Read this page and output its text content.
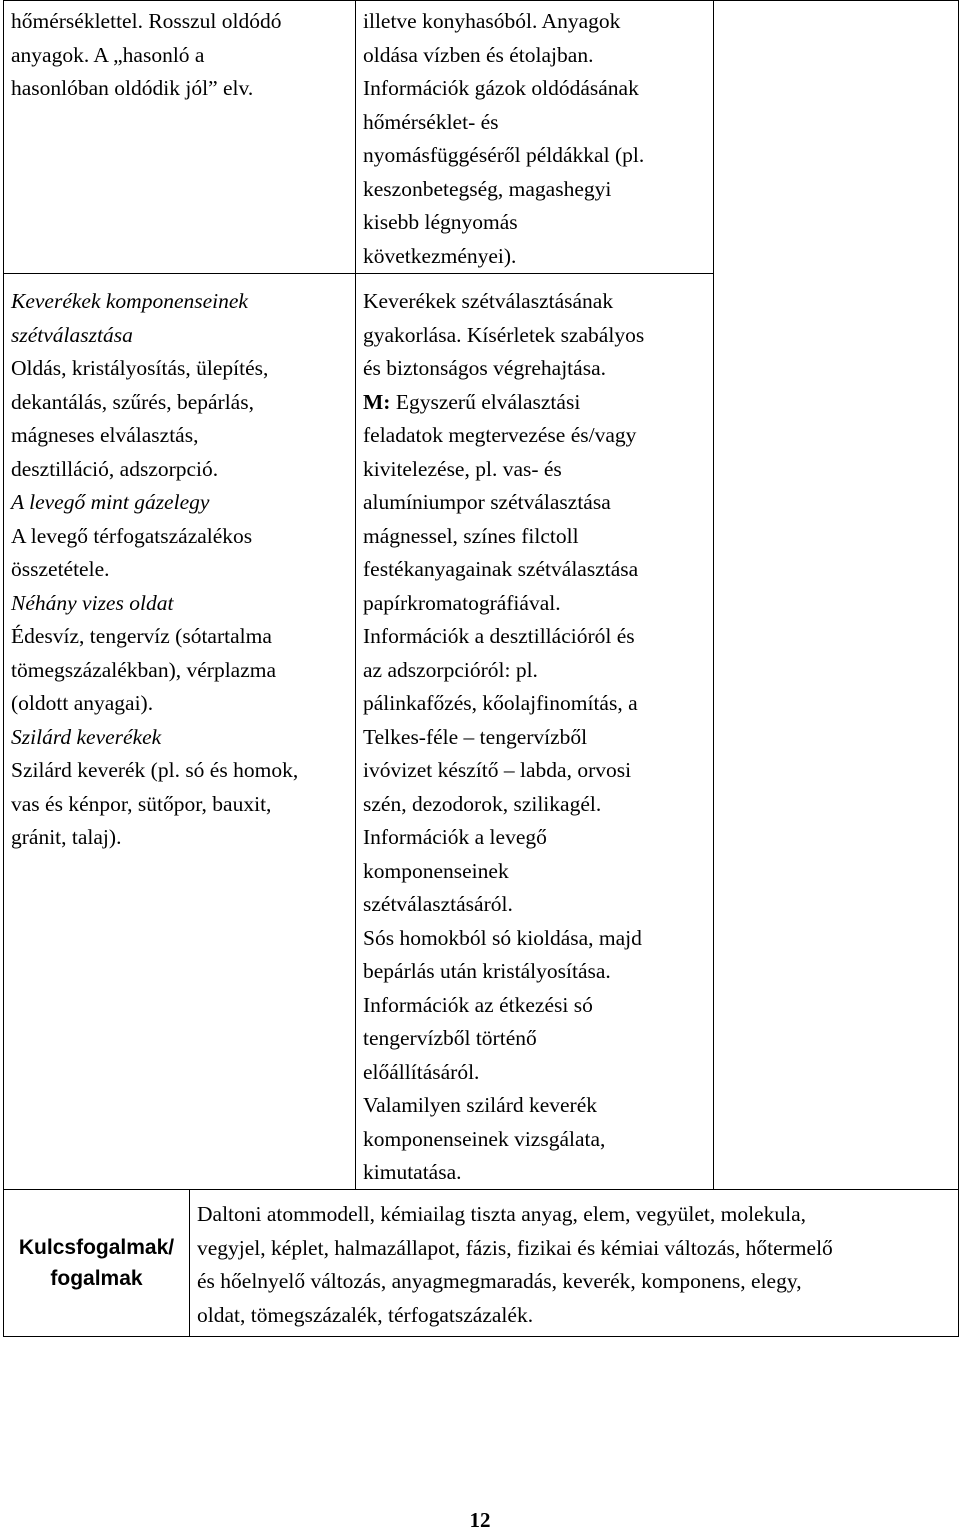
hőmérséklettel. Rosszul oldódó
anyagok. A „hasonló a
hasonlóban oldódik jól” elv.
Keverékek komponenseinek
szétválasztása
Oldás, kristályosítás, ülepítés,
dekantálás, szűrés, bepárlás,
mágneses elválasztás,
desztilláció, adszorpció.
A levegő mint gázelegy
A levegő térfogatszázalékos
összetétele.
Néhány vizes oldat
Édesvíz, tengervíz (sótartalma
tömegszázalékban), vérplazma
(oldott anyagai).
Szilárd keverékek
Szilárd keverék (pl. só és homok,
vas és kénpor, sütőpor, bauxit,
gránit, talaj).
illetve konyhasóból. Anyagok
oldása vízben és étolajban.
Információk gázok oldódásának
hőmérséklet- és
nyomásfüggéséről példákkal (pl.
keszonbetegség, magashegyi
kisebb légnyomás
következményei).
Keverékek szétválasztásának
gyakorlása. Kísérletek szabályos
és biztonságos végrehajtása.
M: Egyszerű elválasztási
feladatok megtervezése és/vagy
kivitelezése, pl. vas- és
alumíniumpor szétválasztása
mágnessel, színes filctoll
festékanyagainak szétválasztása
papírkromatográfiával.
Információk a desztillációról és
az adszorpcióról: pl.
pálinkafőzés, kőolajfinomítás, a
Telkes-féle – tengervízből
ivóvizet készítő – labda, orvosi
szén, dezodorok, szilikagél.
Információk a levegő
komponenseinek
szétválasztásáról.
Sós homokból só kioldása, majd
bepárlás után kristályosítása.
Információk az étkezési só
tengervízből történő
előállításáról.
Valamilyen szilárd keverék
komponenseinek vizsgálata,
kimutatása.
Kulcsfogalmak/
fogalmak
Daltoni atommodell, kémiailag tiszta anyag, elem, vegyület, molekula,
vegyjel, képlet, halmazállapot, fázis, fizikai és kémiai változás, hőtermelő
és hőelnyelő változás, anyagmegmaradás, keverék, komponens, elegy,
oldat, tömegszázalék, térfogatszázalék.
12
